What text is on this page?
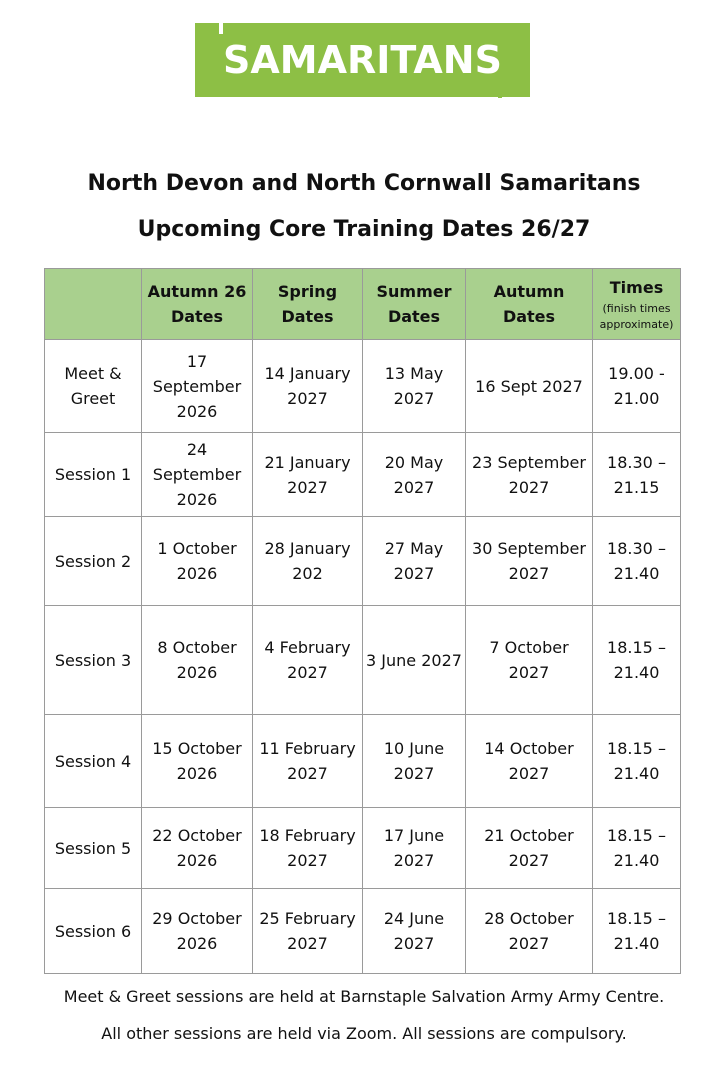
SAMARITANS
North Devon and North Cornwall Samaritans
Upcoming Core Training Dates 26/27
	Autumn 26 Dates	Spring Dates	Summer Dates	Autumn Dates	Times
(finish times approximate)

Meet & Greet	17 September 2026	14 January 2027	13 May 2027	16 Sept 2027	19.00 - 21.00
Session 1	24 September 2026	21 January 2027	20 May 2027	23 September 2027	18.30 – 21.15
Session 2	1 October 2026	28 January 202	27 May 2027	30 September 2027	18.30 – 21.40
Session 3	8 October 2026	4 February 2027	3 June 2027	7 October 2027	18.15 – 21.40
Session 4	15 October 2026	11 February 2027	10 June 2027	14 October 2027	18.15 – 21.40
Session 5	22 October 2026	18 February 2027	17 June 2027	21 October 2027	18.15 – 21.40
Session 6	29 October 2026	25 February 2027	24 June 2027	28 October 2027	18.15 – 21.40
Meet & Greet sessions are held at Barnstaple Salvation Army Army Centre.
All other sessions are held via Zoom. All sessions are compulsory.
